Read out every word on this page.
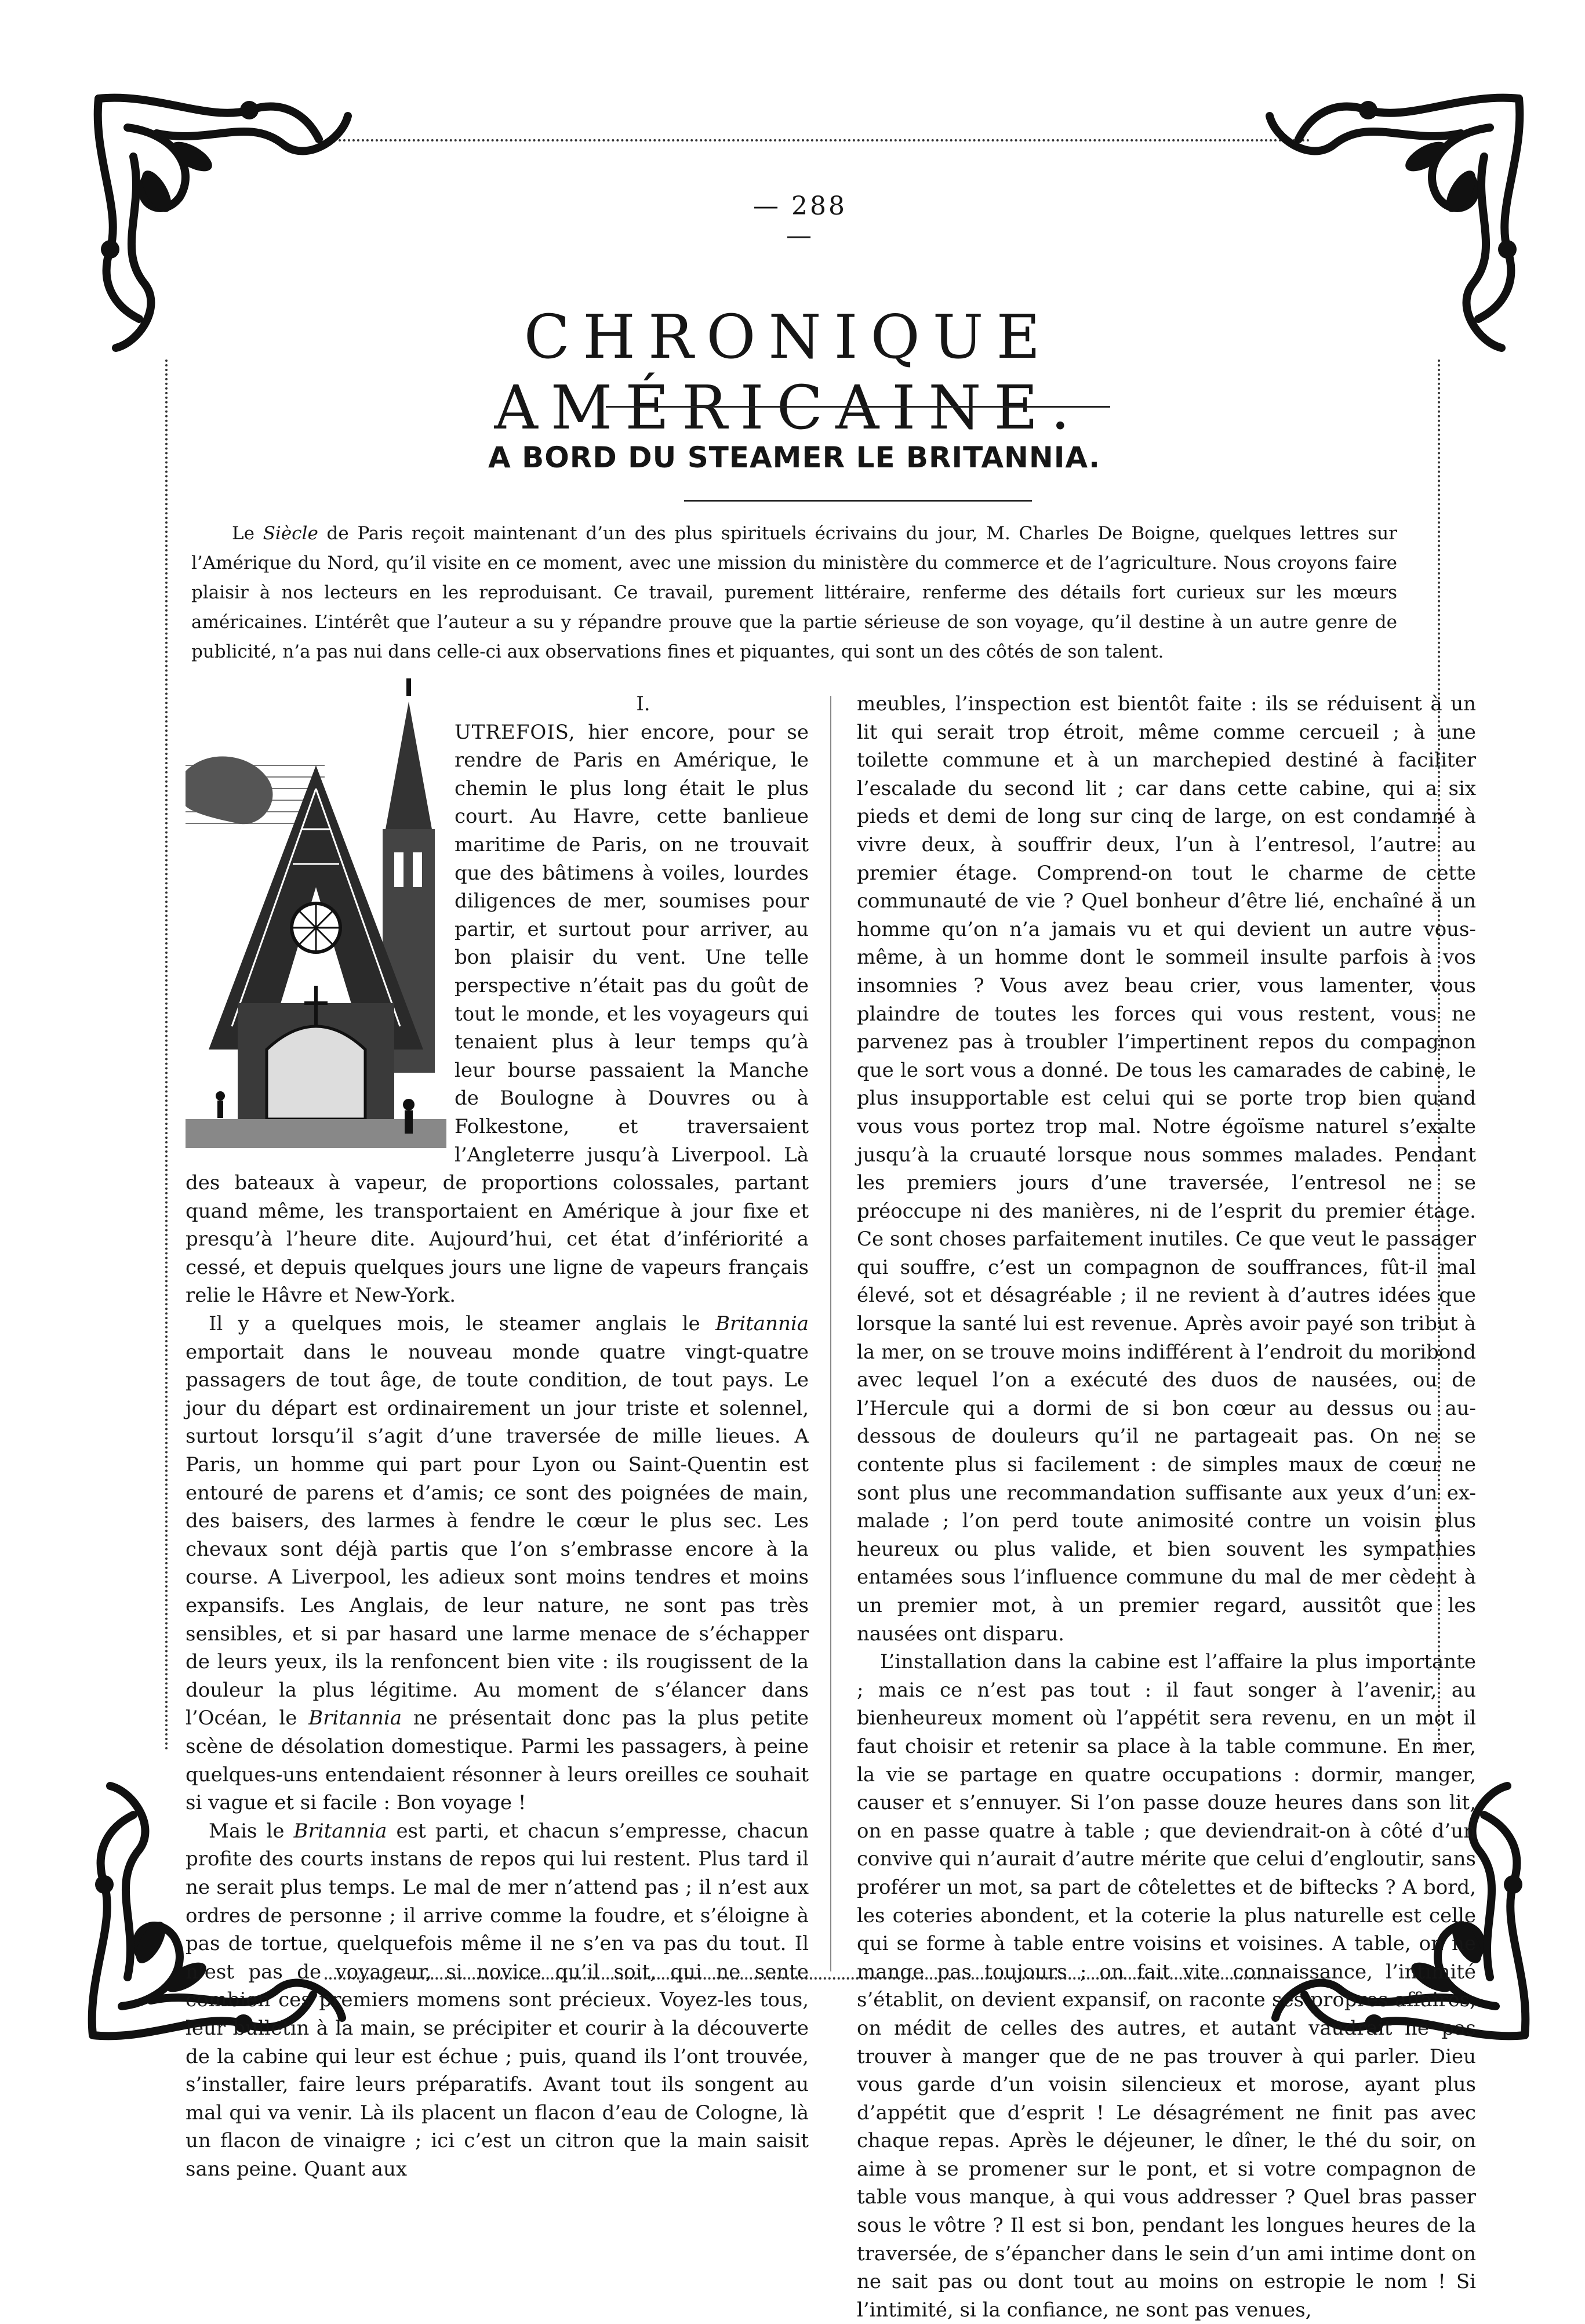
— 288 —
CHRONIQUE AMÉRICAINE.
A BORD DU STEAMER LE BRITANNIA.

Le Siècle de Paris reçoit maintenant d’un des plus spirituels écrivains du jour, M. Charles De Boigne, quelques lettres sur l’Amérique du Nord, qu’il visite en ce moment, avec une mission du ministère du commerce et de l’agriculture. Nous croyons faire plaisir à nos lecteurs en les reproduisant. Ce travail, purement littéraire, renferme des détails fort curieux sur les mœurs américaines. L’intérêt que l’auteur a su y répandre prouve que la partie sérieuse de son voyage, qu’il destine à un autre genre de publicité, n’a pas nui dans celle-ci aux observations fines et piquantes, qui sont un des côtés de son talent.

I.

UTREFOIS, hier encore, pour se rendre de Paris en Amérique, le chemin le plus long était le plus court. Au Havre, cette banlieue maritime de Paris, on ne trouvait que des bâtimens à voiles, lourdes diligences de mer, soumises pour partir, et surtout pour arriver, au bon plaisir du vent. Une telle perspective n’était pas du goût de tout le monde, et les voyageurs qui tenaient plus à leur temps qu’à leur bourse passaient la Manche de Boulogne à Douvres ou à Folkestone, et traversaient l’Angleterre jusqu’à Liverpool. Là des bateaux à vapeur, de proportions colossales, partant quand même, les transportaient en Amérique à jour fixe et presqu’à l’heure dite. Aujourd’hui, cet état d’infériorité a cessé, et depuis quelques jours une ligne de vapeurs français relie le Hâvre et New-York.

Il y a quelques mois, le steamer anglais le Britannia emportait dans le nouveau monde quatre vingt-quatre passagers de tout âge, de toute condition, de tout pays. Le jour du départ est ordinairement un jour triste et solennel, surtout lorsqu’il s’agit d’une traversée de mille lieues. A Paris, un homme qui part pour Lyon ou Saint-Quentin est entouré de parens et d’amis; ce sont des poignées de main, des baisers, des larmes à fendre le cœur le plus sec. Les chevaux sont déjà partis que l’on s’embrasse encore à la course. A Liverpool, les adieux sont moins tendres et moins expansifs. Les Anglais, de leur nature, ne sont pas très sensibles, et si par hasard une larme menace de s’échapper de leurs yeux, ils la renfoncent bien vite : ils rougissent de la douleur la plus légitime. Au moment de s’élancer dans l’Océan, le Britannia ne présentait donc pas la plus petite scène de désolation domestique. Parmi les passagers, à peine quelques-uns entendaient résonner à leurs oreilles ce souhait si vague et si facile : Bon voyage !

Mais le Britannia est parti, et chacun s’empresse, chacun profite des courts instans de repos qui lui restent. Plus tard il ne serait plus temps. Le mal de mer n’attend pas ; il n’est aux ordres de personne ; il arrive comme la foudre, et s’éloigne à pas de tortue, quelquefois même il ne s’en va pas du tout. Il n’est pas de voyageur, si novice qu’il soit, qui ne sente combien ces premiers momens sont précieux. Voyez-les tous, leur bulletin à la main, se précipiter et courir à la découverte de la cabine qui leur est échue ; puis, quand ils l’ont trouvée, s’installer, faire leurs préparatifs. Avant tout ils songent au mal qui va venir. Là ils placent un flacon d’eau de Cologne, là un flacon de vinaigre ; ici c’est un citron que la main saisit sans peine. Quant aux

meubles, l’inspection est bientôt faite : ils se réduisent à un lit qui serait trop étroit, même comme cercueil ; à une toilette commune et à un marchepied destiné à faciliter l’escalade du second lit ; car dans cette cabine, qui a six pieds et demi de long sur cinq de large, on est condamné à vivre deux, à souffrir deux, l’un à l’entresol, l’autre au premier étage. Comprend-on tout le charme de cette communauté de vie ? Quel bonheur d’être lié, enchaîné à un homme qu’on n’a jamais vu et qui devient un autre vous-même, à un homme dont le sommeil insulte parfois à vos insomnies ? Vous avez beau crier, vous lamenter, vous plaindre de toutes les forces qui vous restent, vous ne parvenez pas à troubler l’impertinent repos du compagnon que le sort vous a donné. De tous les camarades de cabine, le plus insupportable est celui qui se porte trop bien quand vous vous portez trop mal. Notre égoïsme naturel s’exalte jusqu’à la cruauté lorsque nous sommes malades. Pendant les premiers jours d’une traversée, l’entresol ne se préoccupe ni des manières, ni de l’esprit du premier étage. Ce sont choses parfaitement inutiles. Ce que veut le passager qui souffre, c’est un compagnon de souffrances, fût-il mal élevé, sot et désagréable ; il ne revient à d’autres idées que lorsque la santé lui est revenue. Après avoir payé son tribut à la mer, on se trouve moins indifférent à l’endroit du moribond avec lequel l’on a exécuté des duos de nausées, ou de l’Hercule qui a dormi de si bon cœur au dessus ou au-dessous de douleurs qu’il ne partageait pas. On ne se contente plus si facilement : de simples maux de cœur ne sont plus une recommandation suffisante aux yeux d’un ex-malade ; l’on perd toute animosité contre un voisin plus heureux ou plus valide, et bien souvent les sympathies entamées sous l’influence commune du mal de mer cèdent à un premier mot, à un premier regard, aussitôt que les nausées ont disparu.

L’installation dans la cabine est l’affaire la plus importante ; mais ce n’est pas tout : il faut songer à l’avenir, au bienheureux moment où l’appétit sera revenu, en un mot il faut choisir et retenir sa place à la table commune. En mer, la vie se partage en quatre occupations : dormir, manger, causer et s’ennuyer. Si l’on passe douze heures dans son lit, on en passe quatre à table ; que deviendrait-on à côté d’un convive qui n’aurait d’autre mérite que celui d’engloutir, sans proférer un mot, sa part de côtelettes et de biftecks ? A bord, les coteries abondent, et la coterie la plus naturelle est celle qui se forme à table entre voisins et voisines. A table, on ne mange pas toujours ; on fait vite connaissance, l’intimité s’établit, on devient expansif, on raconte ses propres affaires, on médit de celles des autres, et autant vaudrait ne pas trouver à manger que de ne pas trouver à qui parler. Dieu vous garde d’un voisin silencieux et morose, ayant plus d’appétit que d’esprit ! Le désagrément ne finit pas avec chaque repas. Après le déjeuner, le dîner, le thé du soir, on aime à se promener sur le pont, et si votre compagnon de table vous manque, à qui vous addresser ? Quel bras passer sous le vôtre ? Il est si bon, pendant les longues heures de la traversée, de s’épancher dans le sein d’un ami intime dont on ne sait pas ou dont tout au moins on estropie le nom ! Si l’intimité, si la confiance, ne sont pas venues,
